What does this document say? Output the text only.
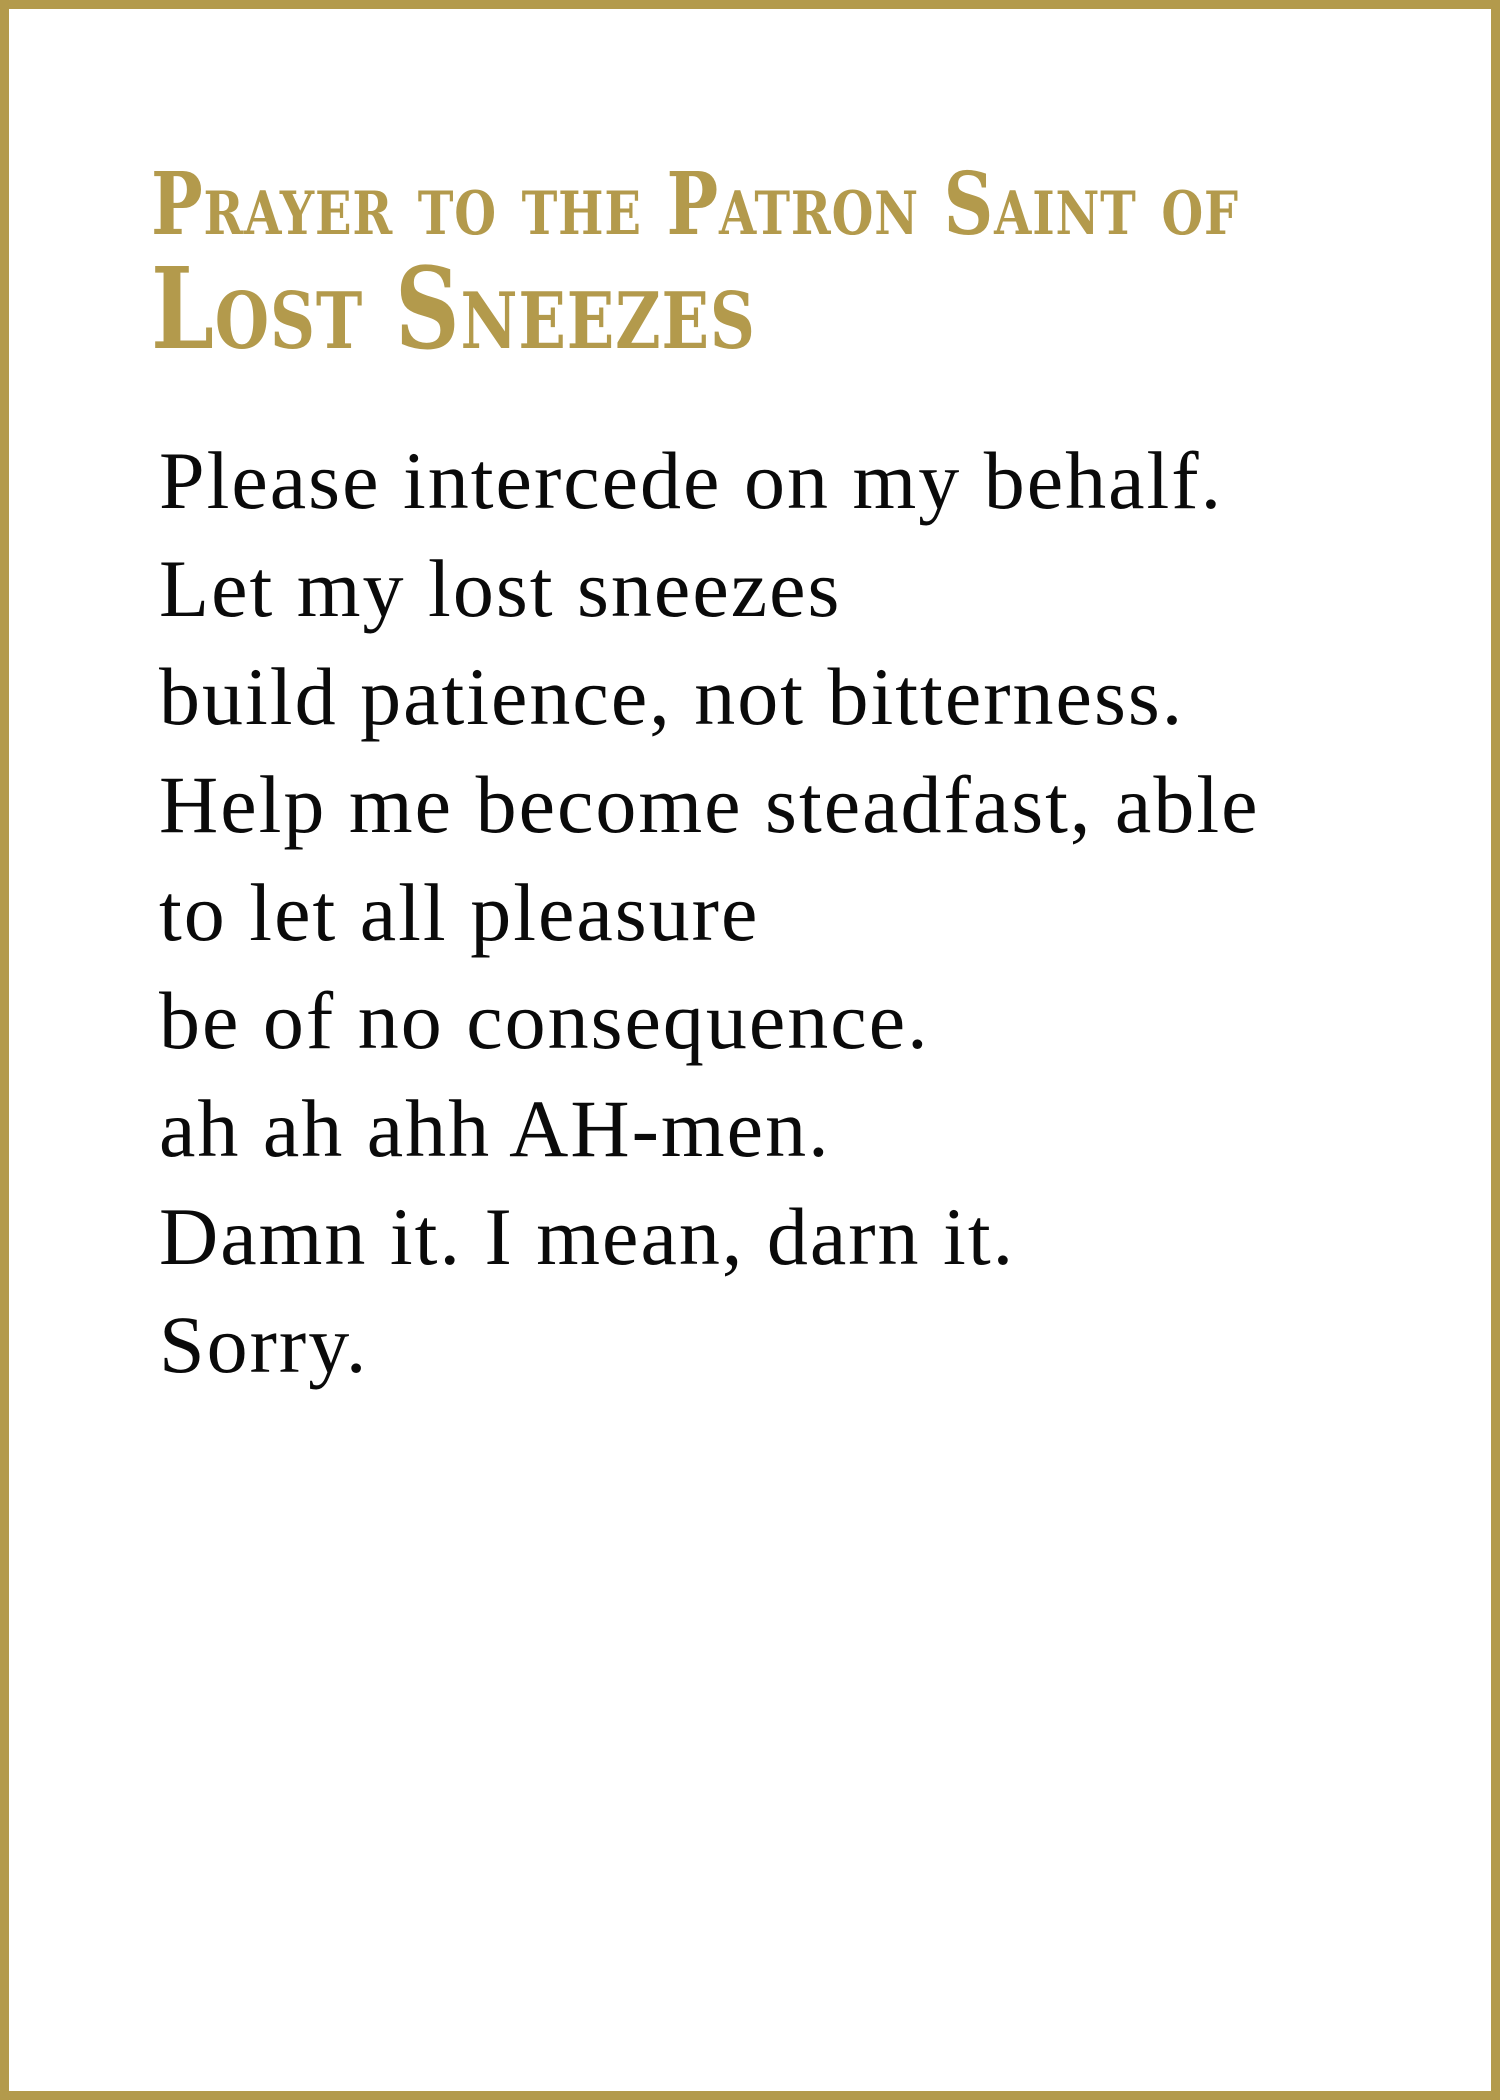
Prayer to the Patron Saint of
Lost Sneezes
Please intercede on my behalf.
Let my lost sneezes
build patience, not bitterness.
Help me become steadfast, able
to let all pleasure
be of no consequence.
ah ah ahh AH-men.
Damn it. I mean, darn it.
Sorry.
